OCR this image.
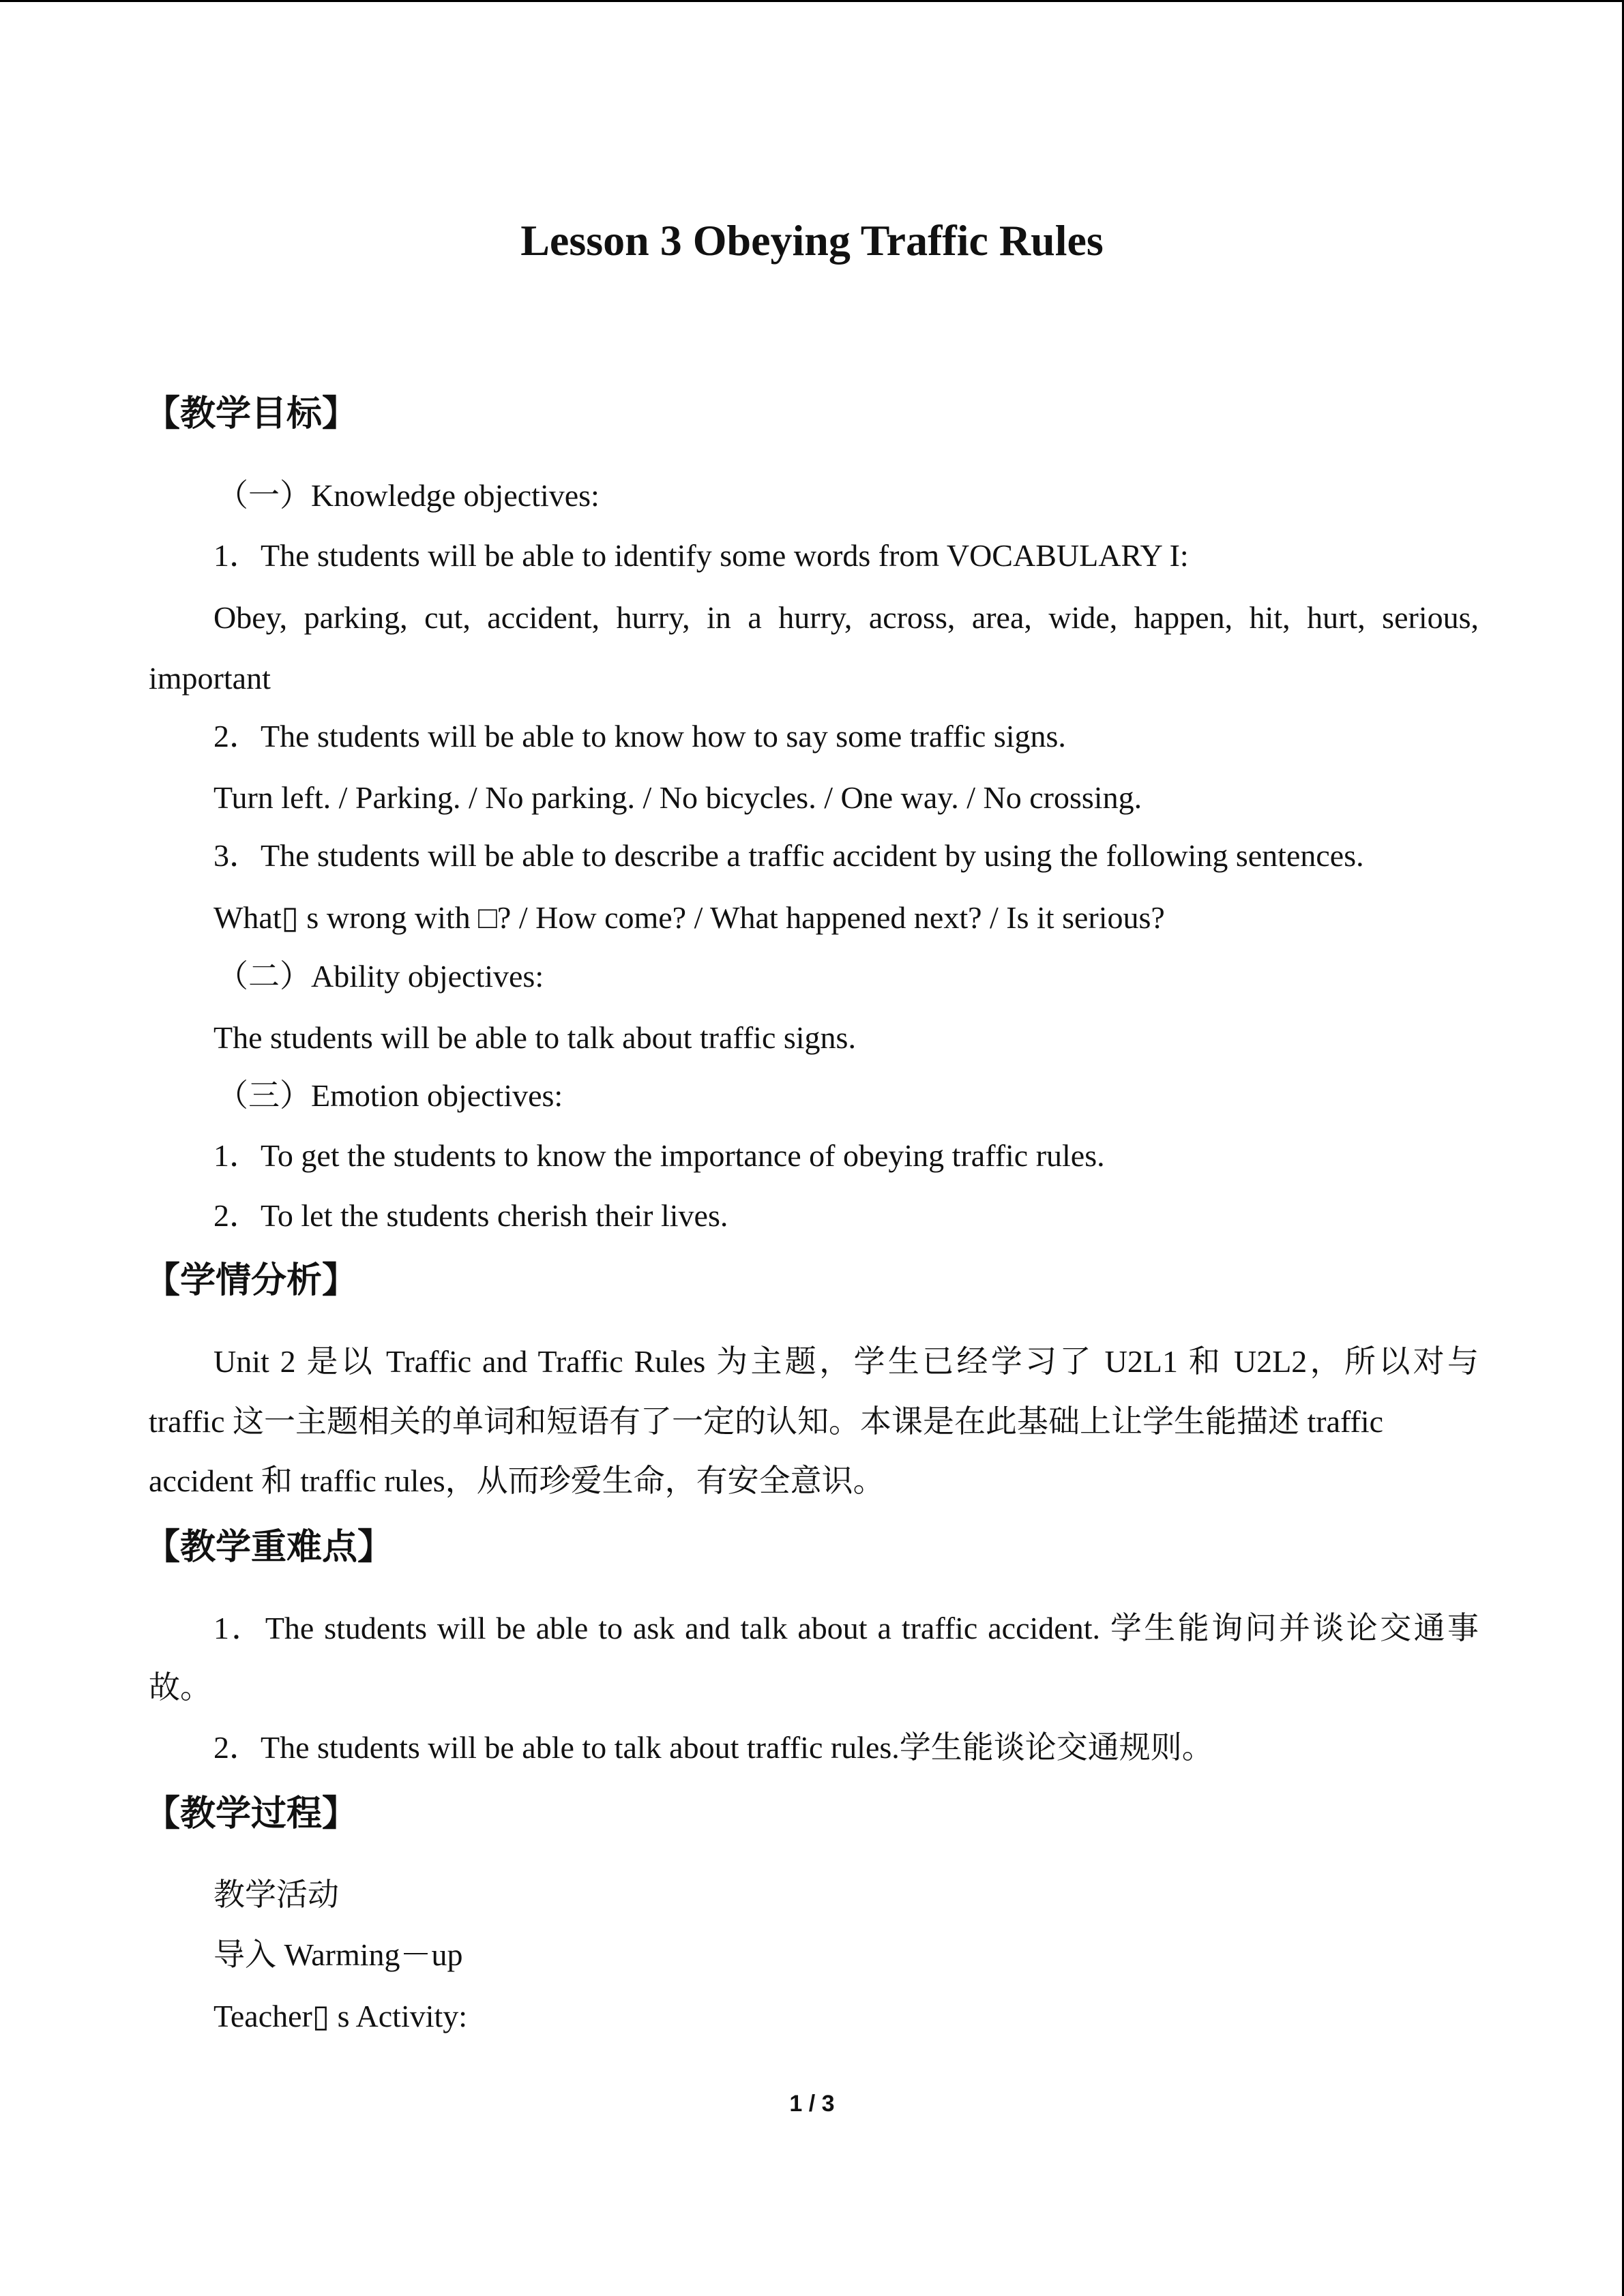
Lesson 3 Obeying Traffic Rules
【教学目标】
（一）Knowledge objectives:
1．The students will be able to identify some words from VOCABULARY I:
Obey, parking, cut, accident, hurry, in a hurry, across, area, wide, happen, hit, hurt, serious,
important
2．The students will be able to know how to say some traffic signs.
Turn left. / Parking. / No parking. / No bicycles. / One way. / No crossing.
3．The students will be able to describe a traffic accident by using the following sentences.
What▯ s wrong with □? / How come? / What happened next? / Is it serious?
（二）Ability objectives:
The students will be able to talk about traffic signs.
（三）Emotion objectives:
1．To get the students to know the importance of obeying traffic rules.
2．To let the students cherish their lives.
【学情分析】
Unit 2 是以 Traffic and Traffic Rules 为主题，学生已经学习了 U2L1 和 U2L2，所以对与
traffic 这一主题相关的单词和短语有了一定的认知。本课是在此基础上让学生能描述 traffic
accident 和 traffic rules，从而珍爱生命，有安全意识。
【教学重难点】
1．The students will be able to ask and talk about a traffic accident. 学生能询问并谈论交通事
故。
2．The students will be able to talk about traffic rules.学生能谈论交通规则。
【教学过程】
教学活动
导入 Warming－up
Teacher▯ s Activity:
1 / 3
